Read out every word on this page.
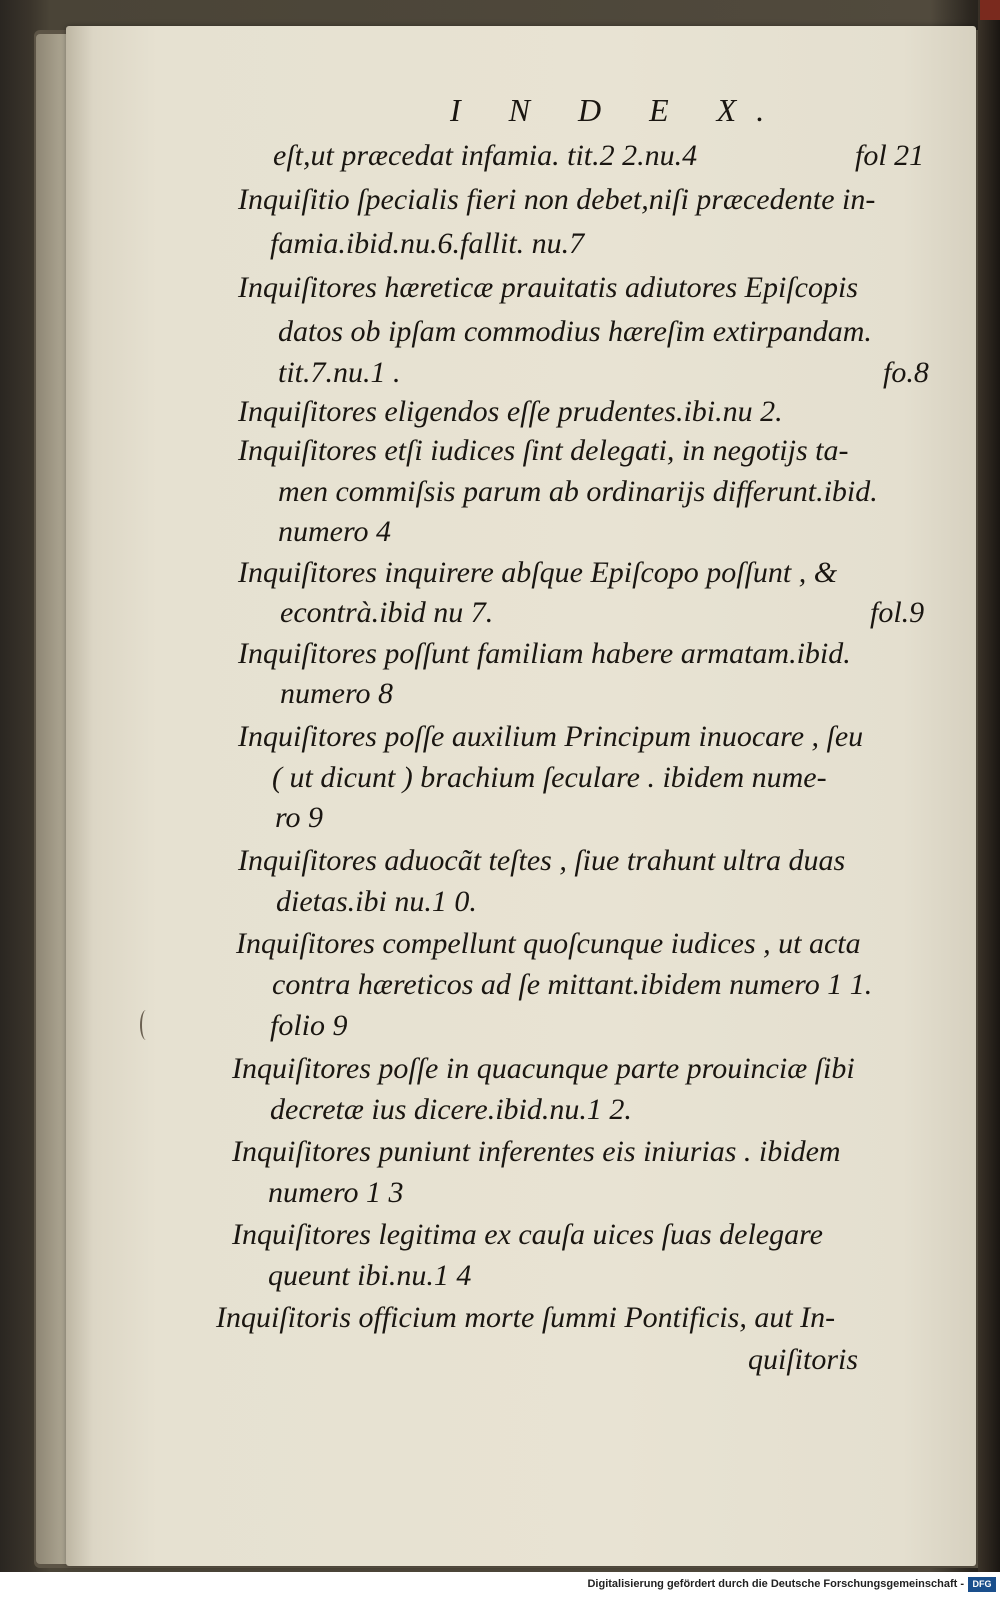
I N D E X.
eſt,ut præcedat infamia. tit.2 2.nu.4	fol 21
Inquiſitio ſpecialis fieri non debet,niſi præcedente in-
famia.ibid.nu.6.fallit. nu.7
Inquiſitores hæreticæ prauitatis adiutores Epiſcopis
datos ob ipſam commodius hæreſim extirpandam.
tit.7.nu.1 .	fo.8
Inquiſitores eligendos eſſe prudentes.ibi.nu 2.
Inquiſitores etſi iudices ſint delegati, in negotijs ta-
men commiſsis parum ab ordinarijs differunt.ibid.
numero 4
Inquiſitores inquirere abſque Epiſcopo poſſunt , &
econtrà.ibid nu 7.	fol.9
Inquiſitores poſſunt familiam habere armatam.ibid.
numero 8
Inquiſitores poſſe auxilium Principum inuocare , ſeu
( ut dicunt ) brachium ſeculare . ibidem nume-
ro 9
Inquiſitores aduocãt teſtes , ſiue trahunt ultra duas
dietas.ibi nu.1 0.
Inquiſitores compellunt quoſcunque iudices , ut acta
contra hæreticos ad ſe mittant.ibidem numero 1 1.
folio 9
Inquiſitores poſſe in quacunque parte prouinciæ ſibi
decretæ ius dicere.ibid.nu.1 2.
Inquiſitores puniunt inferentes eis iniurias . ibidem
numero 1 3
Inquiſitores legitima ex cauſa uices ſuas delegare
queunt ibi.nu.1 4
Inquiſitoris officium morte ſummi Pontificis, aut In-
quiſitoris
Digitalisierung gefördert durch die Deutsche Forschungsgemeinschaft - DFG
